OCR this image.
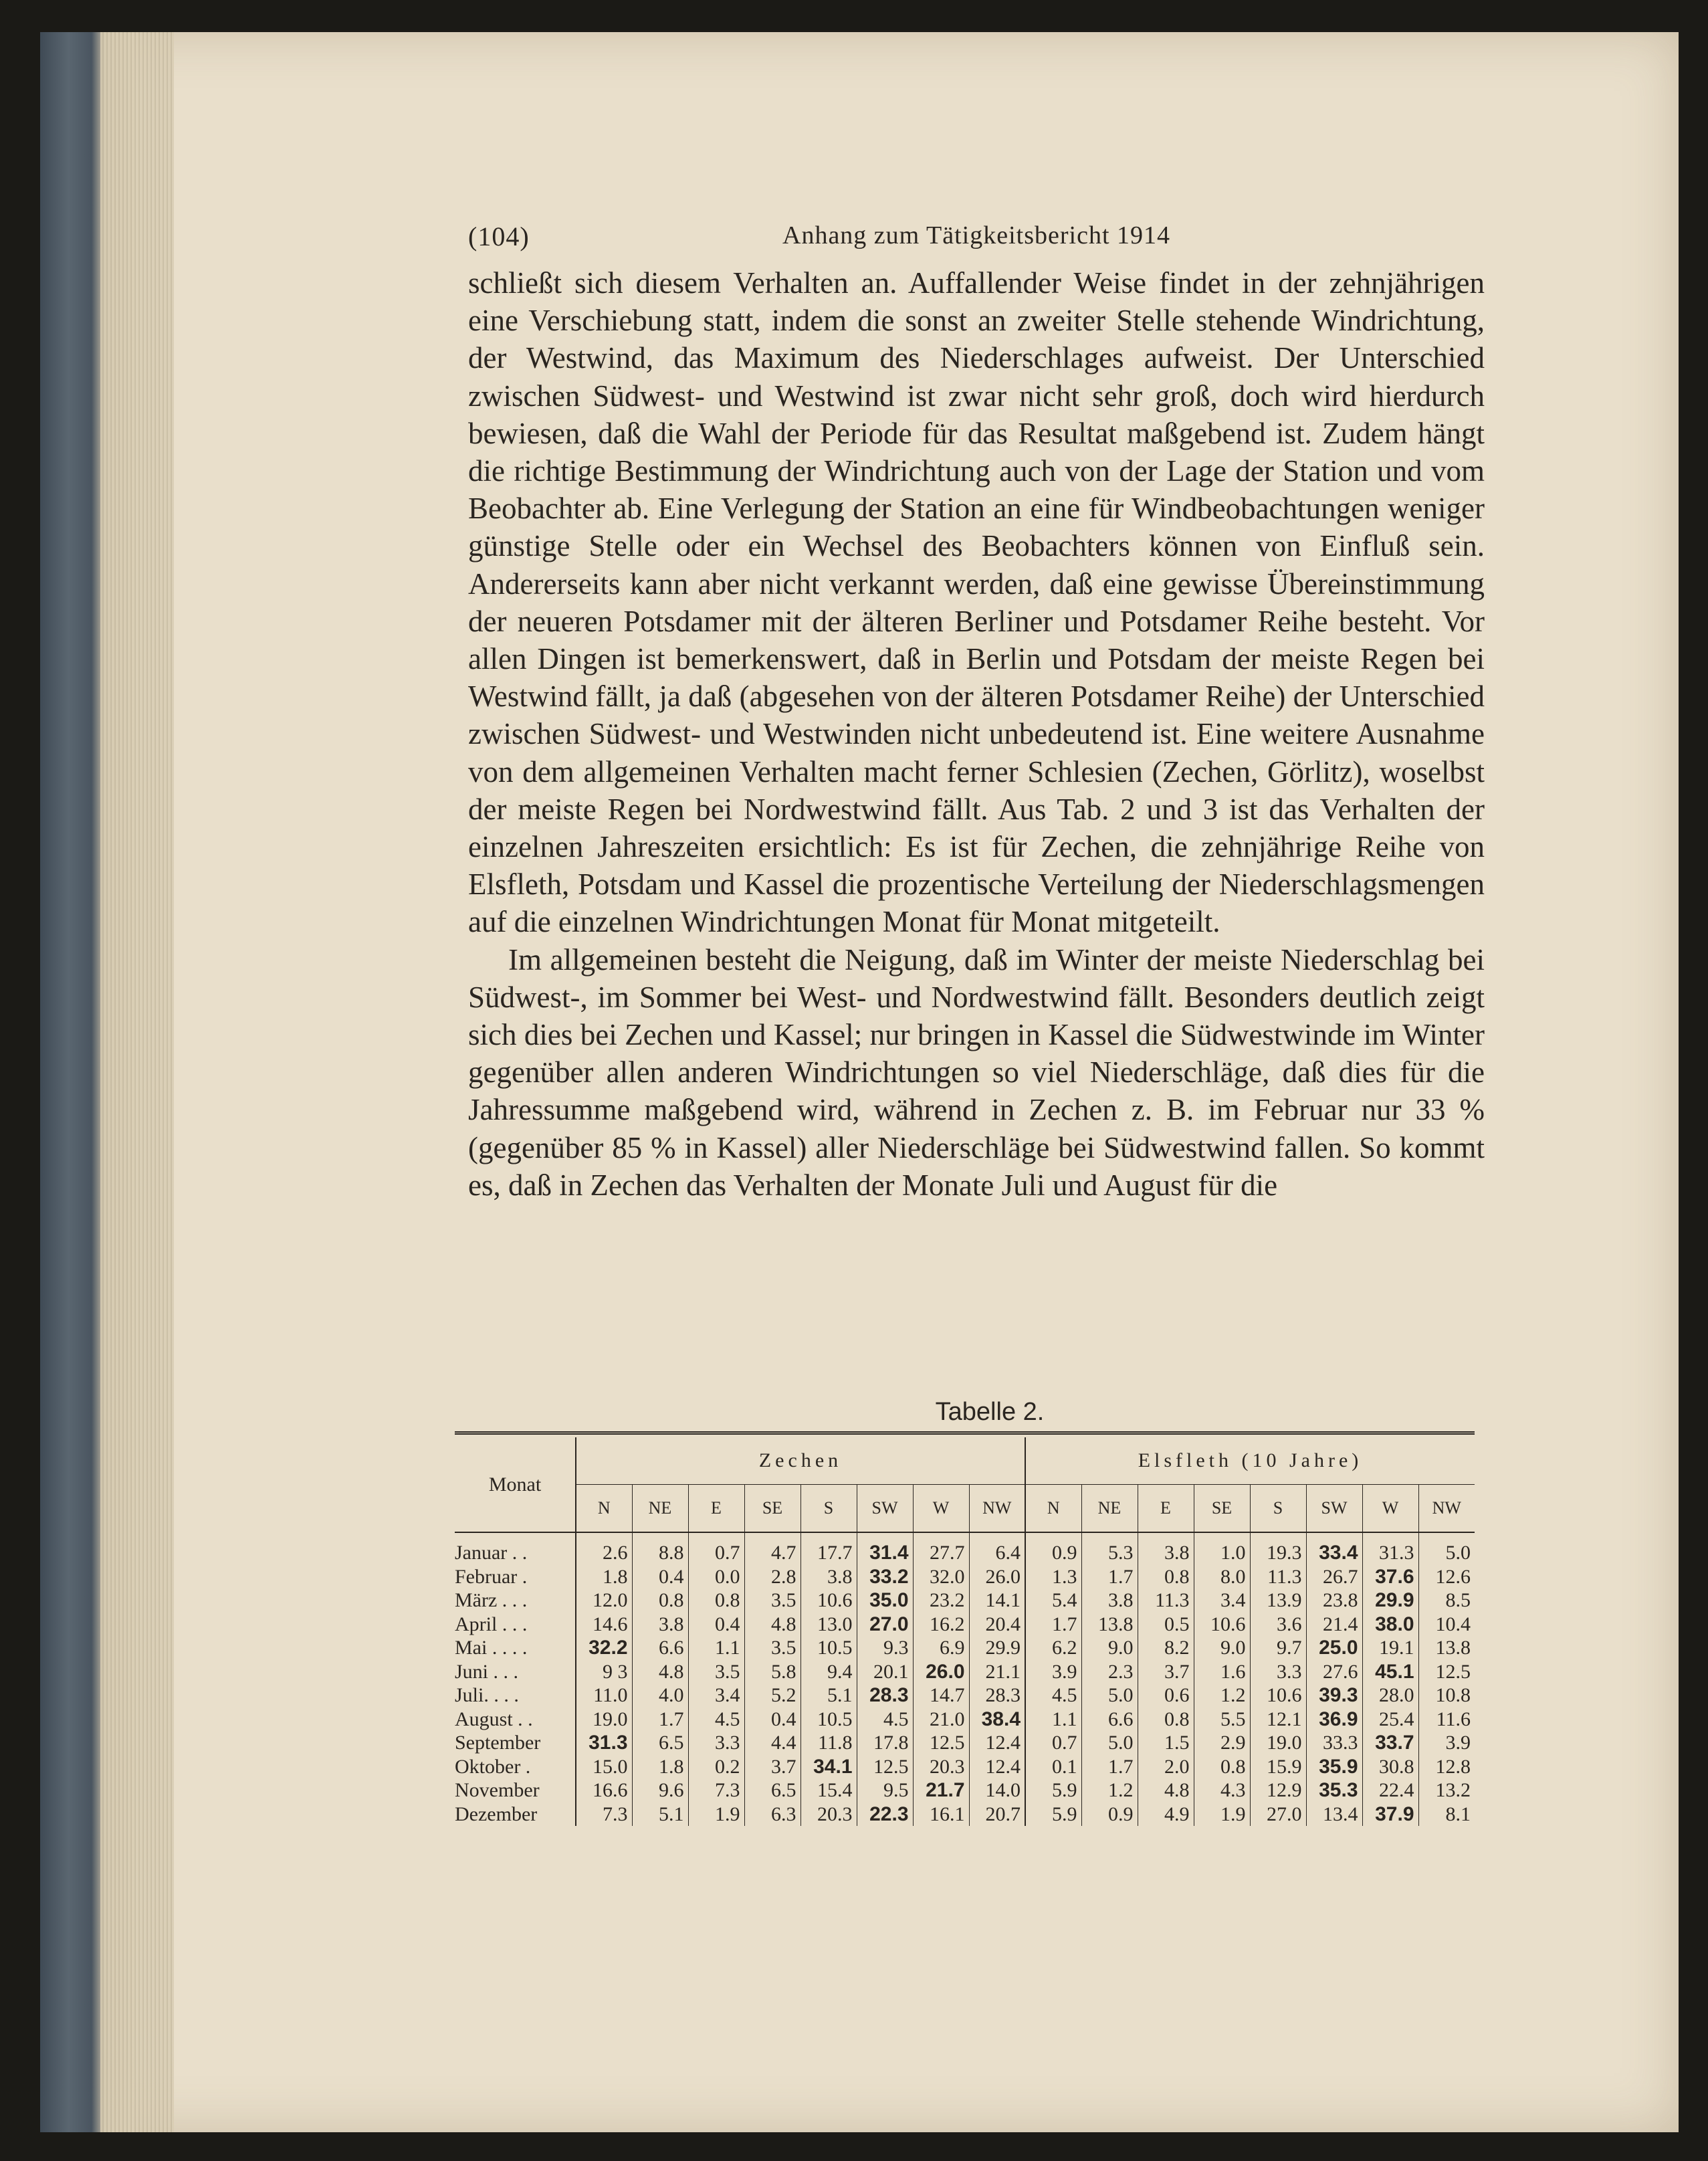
(104)	Anhang zum Tätigkeitsbericht 1914

schließt sich diesem Verhalten an. Auffallender Weise findet in der zehnjährigen eine Verschiebung statt, indem die sonst an zweiter Stelle stehende Windrichtung, der Westwind, das Maximum des Niederschlages aufweist. Der Unterschied zwischen Südwest- und Westwind ist zwar nicht sehr groß, doch wird hierdurch bewiesen, daß die Wahl der Periode für das Resultat maßgebend ist. Zudem hängt die richtige Bestimmung der Windrichtung auch von der Lage der Station und vom Beobachter ab. Eine Verlegung der Station an eine für Windbeobachtungen weniger günstige Stelle oder ein Wechsel des Beobachters können von Einfluß sein. Andererseits kann aber nicht verkannt werden, daß eine gewisse Übereinstimmung der neueren Potsdamer mit der älteren Berliner und Potsdamer Reihe besteht. Vor allen Dingen ist bemerkenswert, daß in Berlin und Potsdam der meiste Regen bei Westwind fällt, ja daß (abgesehen von der älteren Potsdamer Reihe) der Unterschied zwischen Südwest- und Westwinden nicht unbedeutend ist. Eine weitere Ausnahme von dem allgemeinen Verhalten macht ferner Schlesien (Zechen, Görlitz), woselbst der meiste Regen bei Nordwestwind fällt. Aus Tab. 2 und 3 ist das Verhalten der einzelnen Jahreszeiten ersichtlich: Es ist für Zechen, die zehnjährige Reihe von Elsfleth, Potsdam und Kassel die prozentische Verteilung der Niederschlagsmengen auf die einzelnen Windrichtungen Monat für Monat mitgeteilt.

Im allgemeinen besteht die Neigung, daß im Winter der meiste Niederschlag bei Südwest-, im Sommer bei West- und Nordwestwind fällt. Besonders deutlich zeigt sich dies bei Zechen und Kassel; nur bringen in Kassel die Südwestwinde im Winter gegenüber allen anderen Windrichtungen so viel Niederschläge, daß dies für die Jahressumme maßgebend wird, während in Zechen z. B. im Februar nur 33 % (gegenüber 85 % in Kassel) aller Niederschläge bei Südwestwind fallen. So kommt es, daß in Zechen das Verhalten der Monate Juli und August für die

Tabelle 2.
Monat	Zechen								Elsfleth (10 Jahre)							
	N	NE	E	SE	S	SW	W	NW	N	NE	E	SE	S	SW	W	NW
Januar . .	2.6	8.8	0.7	4.7	17.7	31.4	27.7	6.4	0.9	5.3	3.8	1.0	19.3	33.4	31.3	5.0
Februar .	1.8	0.4	0.0	2.8	3.8	33.2	32.0	26.0	1.3	1.7	0.8	8.0	11.3	26.7	37.6	12.6
März . . .	12.0	0.8	0.8	3.5	10.6	35.0	23.2	14.1	5.4	3.8	11.3	3.4	13.9	23.8	29.9	8.5
April . . .	14.6	3.8	0.4	4.8	13.0	27.0	16.2	20.4	1.7	13.8	0.5	10.6	3.6	21.4	38.0	10.4
Mai . . . .	32.2	6.6	1.1	3.5	10.5	9.3	6.9	29.9	6.2	9.0	8.2	9.0	9.7	25.0	19.1	13.8
Juni . . .	9 3	4.8	3.5	5.8	9.4	20.1	26.0	21.1	3.9	2.3	3.7	1.6	3.3	27.6	45.1	12.5
Juli. . . .	11.0	4.0	3.4	5.2	5.1	28.3	14.7	28.3	4.5	5.0	0.6	1.2	10.6	39.3	28.0	10.8
August . .	19.0	1.7	4.5	0.4	10.5	4.5	21.0	38.4	1.1	6.6	0.8	5.5	12.1	36.9	25.4	11.6
September	31.3	6.5	3.3	4.4	11.8	17.8	12.5	12.4	0.7	5.0	1.5	2.9	19.0	33.3	33.7	3.9
Oktober .	15.0	1.8	0.2	3.7	34.1	12.5	20.3	12.4	0.1	1.7	2.0	0.8	15.9	35.9	30.8	12.8
November	16.6	9.6	7.3	6.5	15.4	9.5	21.7	14.0	5.9	1.2	4.8	4.3	12.9	35.3	22.4	13.2
Dezember	7.3	5.1	1.9	6.3	20.3	22.3	16.1	20.7	5.9	0.9	4.9	1.9	27.0	13.4	37.9	8.1
